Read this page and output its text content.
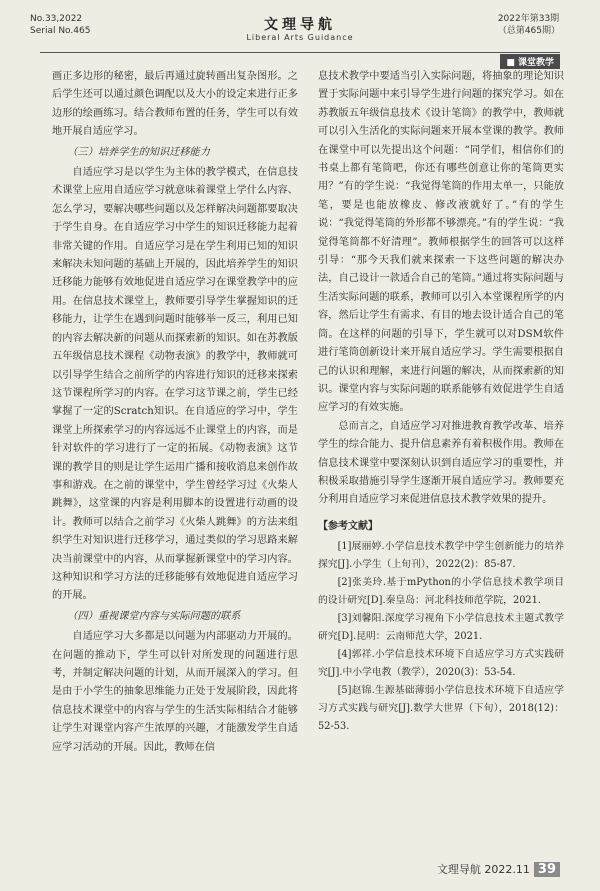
No.33,2022
Serial No.465	文理导航
Liberal Arts Guidance
2022年第33期
（总第465期）
■ 课堂教学

画正多边形的秘密，最后再通过旋转画出复杂图形。之后学生还可以通过颜色调配以及大小的设定来进行正多边形的绘画练习。结合教师布置的任务，学生可以有效地开展自适应学习。

（三）培养学生的知识迁移能力

自适应学习是以学生为主体的教学模式，在信息技术课堂上应用自适应学习就意味着课堂上学什么内容、怎么学习，要解决哪些问题以及怎样解决问题都要取决于学生自身。在自适应学习中学生的知识迁移能力起着非常关键的作用。自适应学习是在学生利用已知的知识来解决未知问题的基础上开展的，因此培养学生的知识迁移能力能够有效地促进自适应学习在课堂教学中的应用。在信息技术课堂上，教师要引导学生掌握知识的迁移能力，让学生在遇到问题时能够举一反三，利用已知的内容去解决新的问题从而探索新的知识。如在苏教版五年级信息技术课程《动物表演》的教学中，教师就可以引导学生结合之前所学的内容进行知识的迁移来探索这节课程所学习的内容。在学习这节课之前，学生已经掌握了一定的Scratch知识。在自适应的学习中，学生课堂上所探索学习的内容远远不止课堂上的内容，而是针对软件的学习进行了一定的拓展。《动物表演》这节课的教学目的则是让学生运用广播和接收消息来创作故事和游戏。在之前的课堂中，学生曾经学习过《火柴人跳舞》，这堂课的内容是利用脚本的设置进行动画的设计。教师可以结合之前学习《火柴人跳舞》的方法来组织学生对知识进行迁移学习，通过类似的学习思路来解决当前课堂中的内容，从而掌握新课堂中的学习内容。这种知识和学习方法的迁移能够有效地促进自适应学习的开展。

（四）重视课堂内容与实际问题的联系

自适应学习大多都是以问题为内部驱动力开展的。在问题的推动下，学生可以针对所发现的问题进行思考，并制定解决问题的计划，从而开展深入的学习。但是由于小学生的抽象思维能力正处于发展阶段，因此将信息技术课堂中的内容与学生的生活实际相结合才能够让学生对课堂内容产生浓厚的兴趣，才能激发学生自适应学习活动的开展。因此，教师在信

息技术教学中要适当引入实际问题，将抽象的理论知识置于实际问题中来引导学生进行问题的探究学习。如在苏教版五年级信息技术《设计笔筒》的教学中，教师就可以引入生活化的实际问题来开展本堂课的教学。教师在课堂中可以先提出这个问题：“同学们，相信你们的书桌上都有笔筒吧，你还有哪些创意让你的笔筒更实用？”有的学生说：“我觉得笔筒的作用太单一，只能放笔，要是也能放橡皮、修改液就好了。”有的学生说：“我觉得笔筒的外形都不够漂亮。”有的学生说：“我觉得笔筒都不好清理”。教师根据学生的回答可以这样引导：“那今天我们就来探索一下这些问题的解决办法，自己设计一款适合自己的笔筒。”通过将实际问题与生活实际问题的联系，教师可以引入本堂课程所学的内容，然后让学生有需求、有目的地去设计适合自己的笔筒。在这样的问题的引导下，学生就可以对DSM软件进行笔筒创新设计来开展自适应学习。学生需要根据自己的认识和理解，来进行问题的解决，从而探索新的知识。课堂内容与实际问题的联系能够有效促进学生自适应学习的有效实施。

总而言之，自适应学习对推进教育教学改革、培养学生的综合能力、提升信息素养有着积极作用。教师在信息技术课堂中要深刻认识到自适应学习的重要性，并积极采取措施引导学生逐渐开展自适应学习。教师要充分利用自适应学习来促进信息技术教学效果的提升。

【参考文献】

[1]展丽婷.小学信息技术教学中学生创新能力的培养探究[J].小学生（上旬刊），2022(2)：85-87.

[2]张美玲.基于mPython的小学信息技术教学项目的设计研究[D].秦皇岛：河北科技师范学院，2021.

[3]刘馨阳.深度学习视角下小学信息技术主题式教学研究[D].昆明：云南师范大学，2021.

[4]郭祥.小学信息技术环境下自适应学习方式实践研究[J].中小学电教（教学），2020(3)：53-54.

[5]赵锦.生源基础薄弱小学信息技术环境下自适应学习方式实践与研究[J].数学大世界（下旬），2018(12)：52-53.

文理导航 2022.11 39
